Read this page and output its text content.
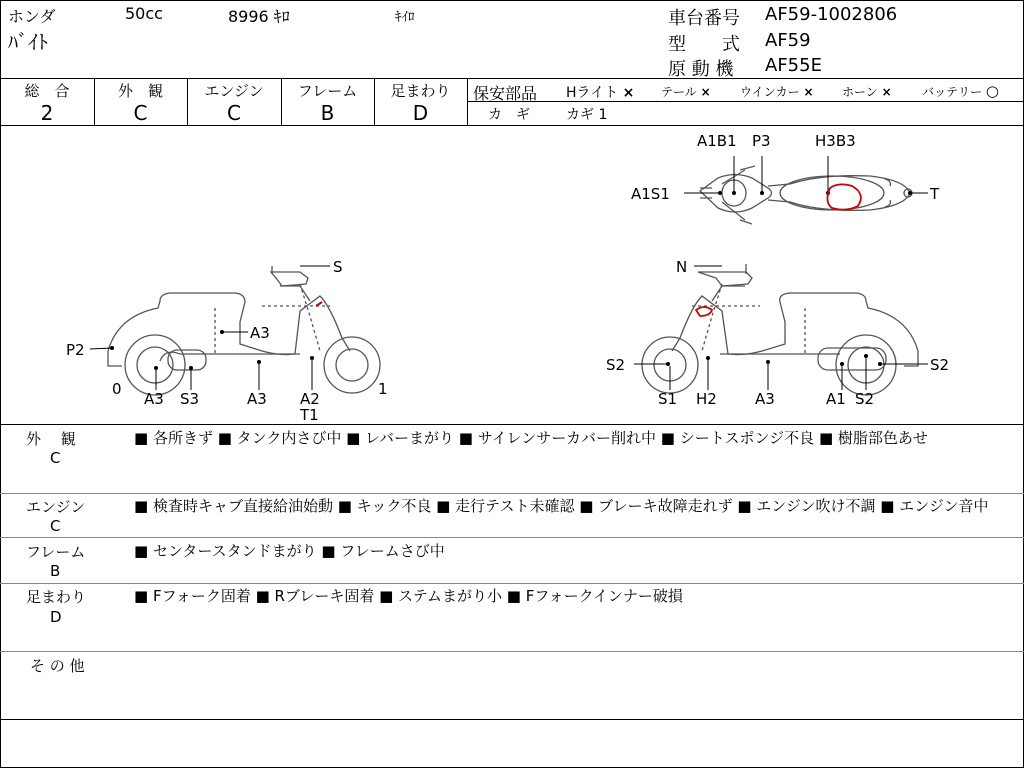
ホンダ	50cc	8996 ｷﾛ	ｷｲﾛ
ﾊﾞｲﾄ
車台番号 AF59-1002806
型　　式 AF59
原 動 機 AF55E
総　合
2
外　観
C
エンジン
C
フレーム
B
足まわり
D
保安部品 Hライト × テール × ウインカー × ホーン ×	バッテリー ○
カ　ギ	カギ 1
A1B1 P3	H3B3
A1S1	T
S
A3
P2
0
A3 S3	A3 A2
T1
1
N
S2
S1 H2	A3	A1 S2
S2
外　 観
C
■ 各所きず ■ タンク内さび中 ■ レバーまがり ■ サイレンサーカバー削れ中 ■ シートスポンジ不良 ■ 樹脂部色あせ
エンジン
C
■ 検査時キャブ直接給油始動 ■ キック不良 ■ 走行テスト未確認 ■ ブレーキ故障走れず ■ エンジン吹け不調 ■ エンジン音中
フレーム
B
■ センタースタンドまがり ■ フレームさび中
足まわり
D
■ Fフォーク固着 ■ Rブレーキ固着 ■ ステムまがり小 ■ Fフォークインナー破損
そ の 他
